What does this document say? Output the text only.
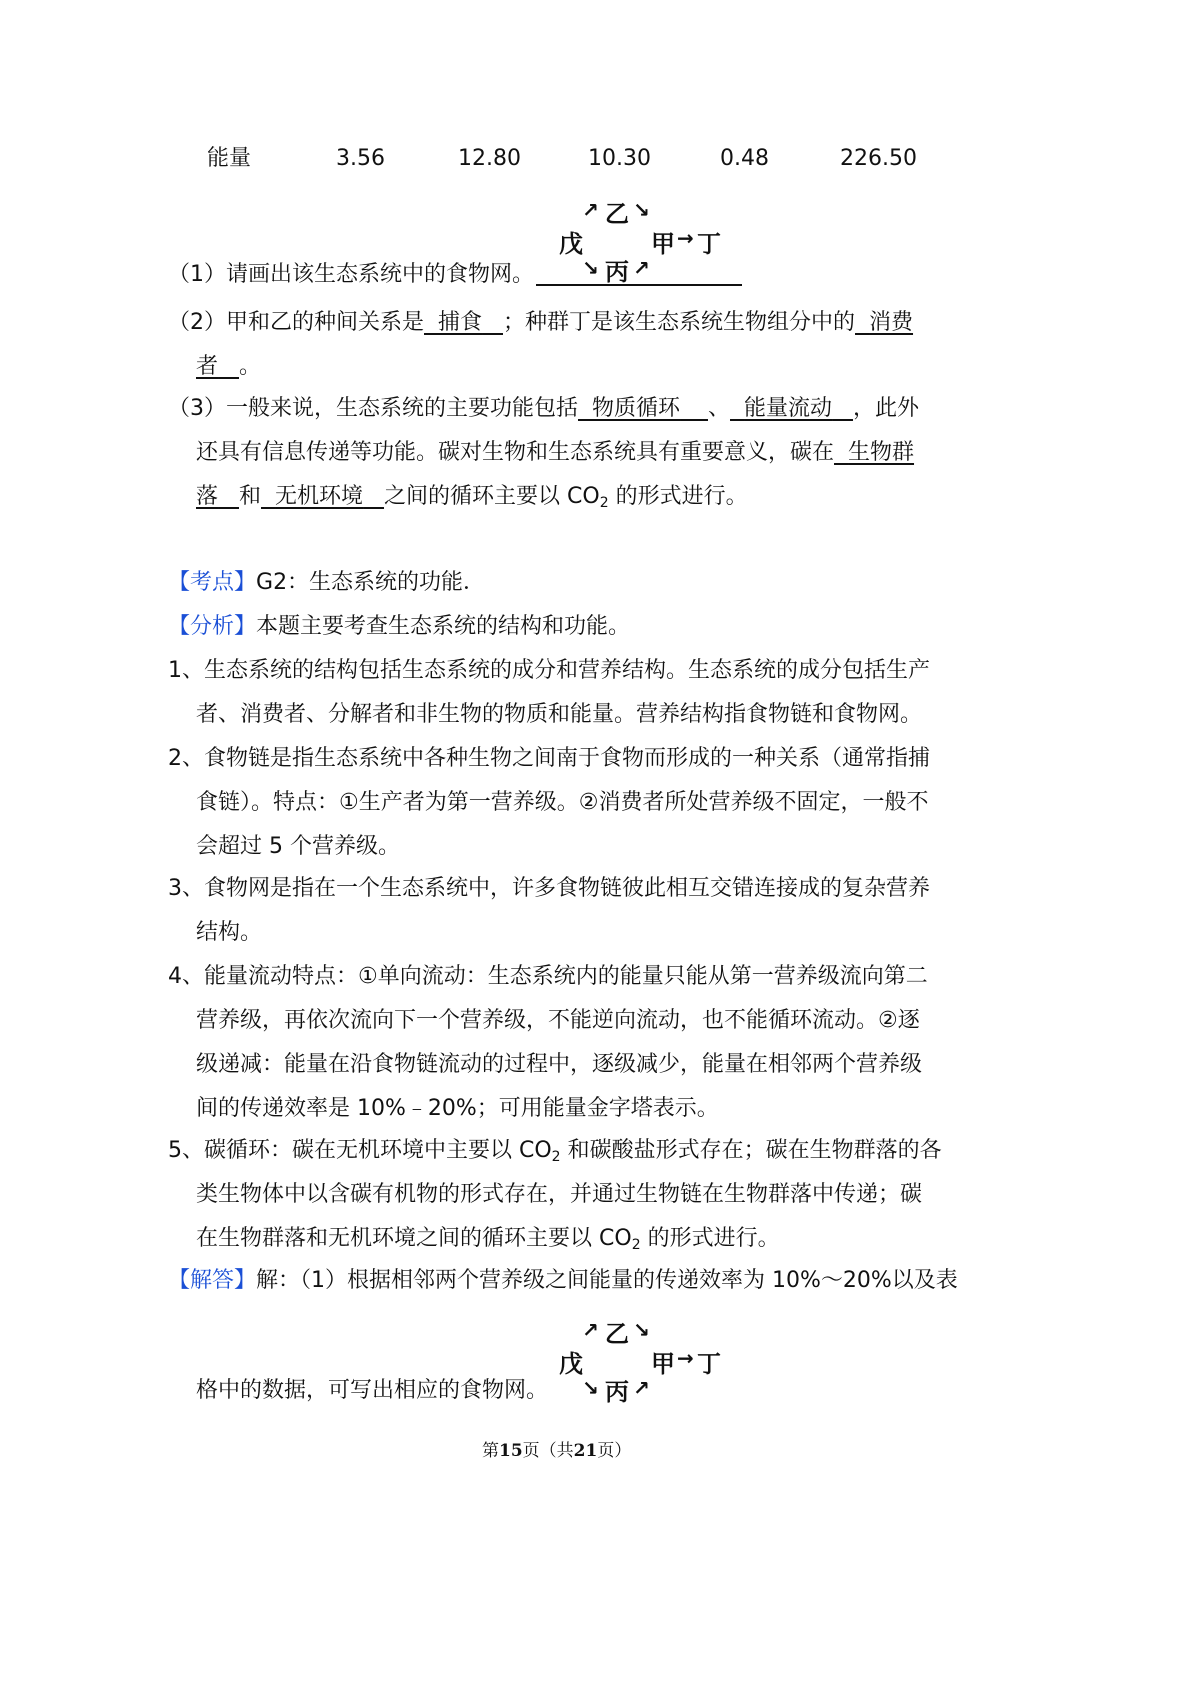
能量	3.56	12.80	10.30	0.48	226.50
↗ 乙 ↘
戊	甲 → 丁
↘ 丙 ↗
（1）请画出该生态系统中的食物网。
（2）甲和乙的种间关系是 捕食 ；种群丁是该生态系统生物组分中的 消费
者 。
（3）一般来说，生态系统的主要功能包括 物质循环 、 能量流动 ，此外
还具有信息传递等功能。碳对生物和生态系统具有重要意义，碳在 生物群
落 和 无机环境 之间的循环主要以 $CO_2$ 的形式进行。
【考点】G2：生态系统的功能．
【分析】本题主要考查生态系统的结构和功能。
1、生态系统的结构包括生态系统的成分和营养结构。生态系统的成分包括生产
者、消费者、分解者和非生物的物质和能量。营养结构指食物链和食物网。
2、食物链是指生态系统中各种生物之间南于食物而形成的一种关系（通常指捕
食链）。特点：①生产者为第一营养级。②消费者所处营养级不固定，一般不
会超过 5 个营养级。
3、食物网是指在一个生态系统中，许多食物链彼此相互交错连接成的复杂营养
结构。
4、能量流动特点：①单向流动：生态系统内的能量只能从第一营养级流向第二
营养级，再依次流向下一个营养级，不能逆向流动，也不能循环流动。②逐
级递减：能量在沿食物链流动的过程中，逐级减少，能量在相邻两个营养级
间的传递效率是 10%﹣20%；可用能量金字塔表示。
5、碳循环：碳在无机环境中主要以 $CO_2$ 和碳酸盐形式存在；碳在生物群落的各
类生物体中以含碳有机物的形式存在，并通过生物链在生物群落中传递；碳
在生物群落和无机环境之间的循环主要以 $CO_2$ 的形式进行。
【解答】解：（1）根据相邻两个营养级之间能量的传递效率为 10%～20%以及表
↗ 乙 ↘
戊	甲 → 丁
↘ 丙 ↗
格中的数据，可写出相应的食物网。
第15页（共21页）
